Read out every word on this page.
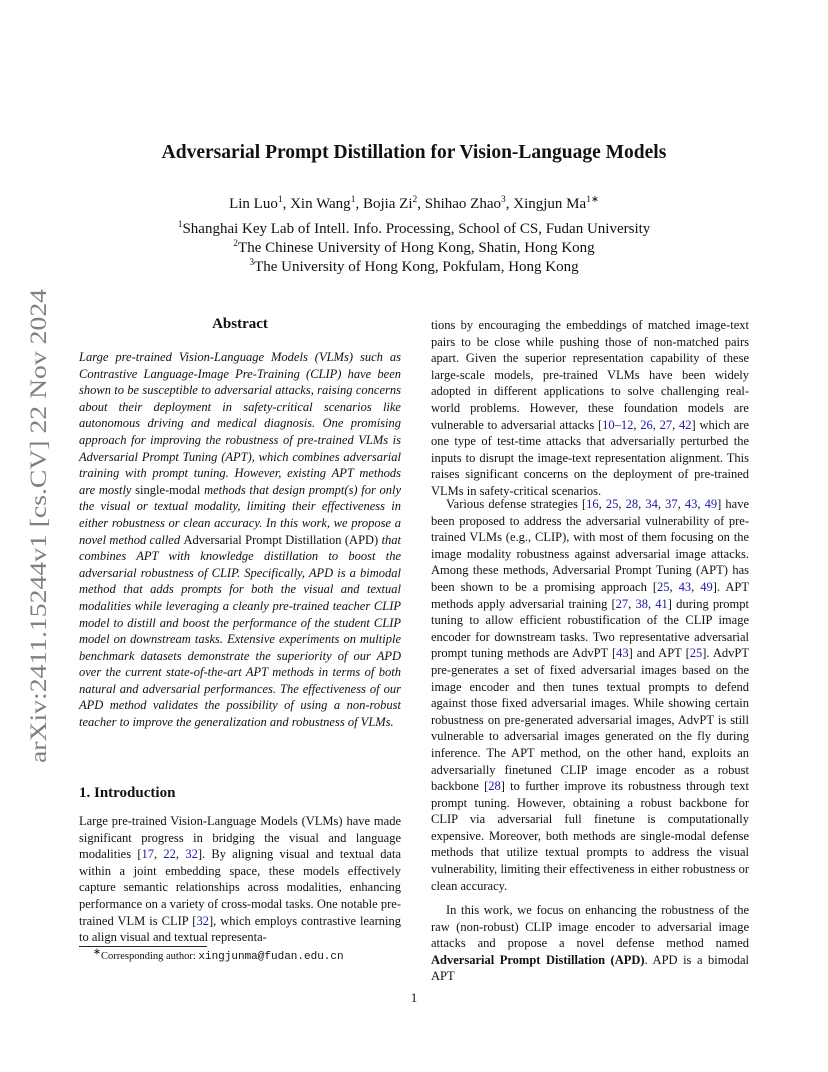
arXiv:2411.15244v1 [cs.CV] 22 Nov 2024
Adversarial Prompt Distillation for Vision-Language Models
Lin Luo$^1$, Xin Wang$^1$, Bojia Zi$^2$, Shihao Zhao$^3$, Xingjun $Ma^{1∗}$
$^1$Shanghai Key Lab of Intell. Info. Processing, School of CS, Fudan University
$^2$The Chinese University of Hong Kong, Shatin, Hong Kong
$^3$The University of Hong Kong, Pokfulam, Hong Kong
Abstract
Large pre-trained Vision-Language Models (VLMs) such as Contrastive Language-Image Pre-Training (CLIP) have been shown to be susceptible to adversarial attacks, raising concerns about their deployment in safety-critical scenarios like autonomous driving and medical diagnosis. One promising approach for improving the robustness of pre-trained VLMs is Adversarial Prompt Tuning (APT), which combines adversarial training with prompt tuning. However, existing APT methods are mostly single-modal methods that design prompt(s) for only the visual or textual modality, limiting their effectiveness in either robustness or clean accuracy. In this work, we propose a novel method called Adversarial Prompt Distillation (APD) that combines APT with knowledge distillation to boost the adversarial robustness of CLIP. Specifically, APD is a bimodal method that adds prompts for both the visual and textual modalities while leveraging a cleanly pre-trained teacher CLIP model to distill and boost the performance of the student CLIP model on downstream tasks. Extensive experiments on multiple benchmark datasets demonstrate the superiority of our APD over the current state-of-the-art APT methods in terms of both natural and adversarial performances. The effectiveness of our APD method validates the possibility of using a non-robust teacher to improve the generalization and robustness of VLMs.
1. Introduction
Large pre-trained Vision-Language Models (VLMs) have made significant progress in bridging the visual and language modalities [17, 22, 32]. By aligning visual and textual data within a joint embedding space, these models effectively capture semantic relationships across modalities, enhancing performance on a variety of cross-modal tasks. One notable pre-trained VLM is CLIP [32], which employs contrastive learning to align visual and textual representa-
∗Corresponding author: xingjunma@fudan.edu.cn
tions by encouraging the embeddings of matched image-text pairs to be close while pushing those of non-matched pairs apart. Given the superior representation capability of these large-scale models, pre-trained VLMs have been widely adopted in different applications to solve challenging real-world problems. However, these foundation models are vulnerable to adversarial attacks [10–12, 26, 27, 42] which are one type of test-time attacks that adversarially perturbed the inputs to disrupt the image-text representation alignment. This raises significant concerns on the deployment of pre-trained VLMs in safety-critical scenarios.
Various defense strategies [16, 25, 28, 34, 37, 43, 49] have been proposed to address the adversarial vulnerability of pre-trained VLMs (e.g., CLIP), with most of them focusing on the image modality robustness against adversarial image attacks. Among these methods, Adversarial Prompt Tuning (APT) has been shown to be a promising approach [25, 43, 49]. APT methods apply adversarial training [27, 38, 41] during prompt tuning to allow efficient robustification of the CLIP image encoder for downstream tasks. Two representative adversarial prompt tuning methods are AdvPT [43] and APT [25]. AdvPT pre-generates a set of fixed adversarial images based on the image encoder and then tunes textual prompts to defend against those fixed adversarial images. While showing certain robustness on pre-generated adversarial images, AdvPT is still vulnerable to adversarial images generated on the fly during inference. The APT method, on the other hand, exploits an adversarially finetuned CLIP image encoder as a robust backbone [28] to further improve its robustness through text prompt tuning. However, obtaining a robust backbone for CLIP via adversarial full finetune is computationally expensive. Moreover, both methods are single-modal defense methods that utilize textual prompts to address the visual vulnerability, limiting their effectiveness in either robustness or clean accuracy.
In this work, we focus on enhancing the robustness of the raw (non-robust) CLIP image encoder to adversarial image attacks and propose a novel defense method named Adversarial Prompt Distillation (APD). APD is a bimodal APT
1
